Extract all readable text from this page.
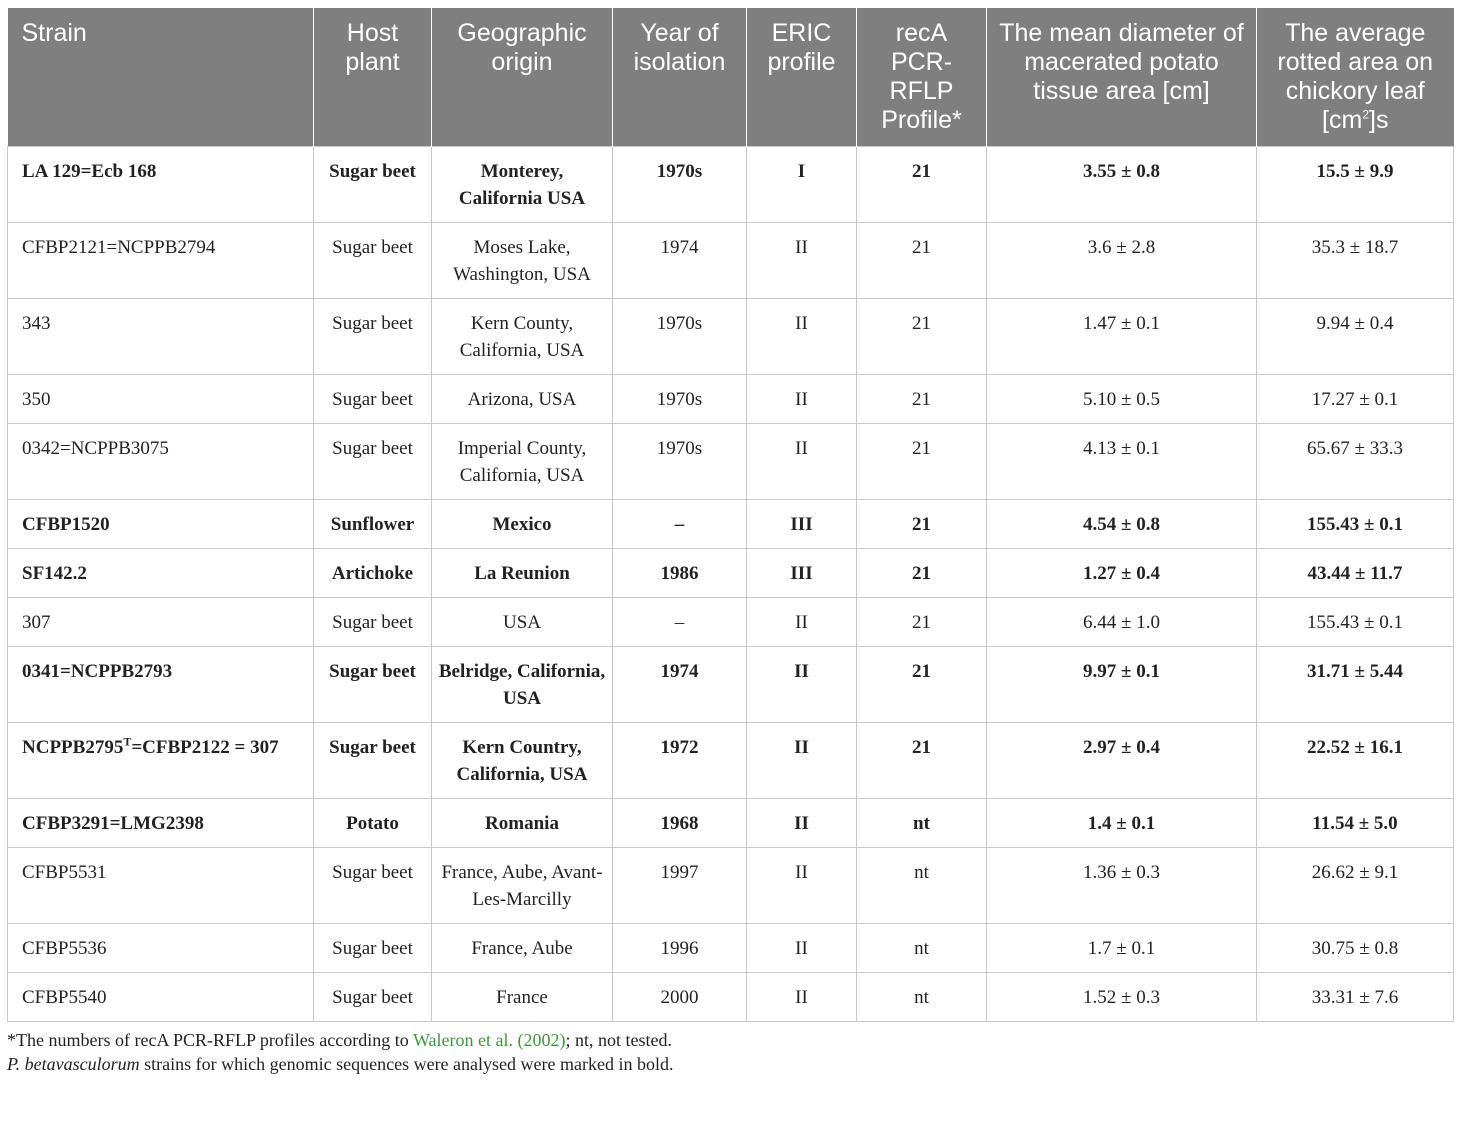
Strain	Host plant	Geographic origin	Year of isolation	ERIC profile	recA PCR-RFLP Profile*	The mean diameter of macerated potato tissue area [cm]	The average rotted area on chickory leaf $[cm^2]s$
LA 129=Ecb 168	Sugar beet	Monterey, California USA	1970s	I	21	3.55 ± 0.8	15.5 ± 9.9
CFBP2121=NCPPB2794	Sugar beet	Moses Lake, Washington, USA	1974	II	21	3.6 ± 2.8	35.3 ± 18.7
343	Sugar beet	Kern County, California, USA	1970s	II	21	1.47 ± 0.1	9.94 ± 0.4
350	Sugar beet	Arizona, USA	1970s	II	21	5.10 ± 0.5	17.27 ± 0.1
0342=NCPPB3075	Sugar beet	Imperial County, California, USA	1970s	II	21	4.13 ± 0.1	65.67 ± 33.3
CFBP1520	Sunflower	Mexico	–	III	21	4.54 ± 0.8	155.43 ± 0.1
SF142.2	Artichoke	La Reunion	1986	III	21	1.27 ± 0.4	43.44 ± 11.7
307	Sugar beet	USA	–	II	21	6.44 ± 1.0	155.43 ± 0.1
0341=NCPPB2793	Sugar beet	Belridge, California, USA	1974	II	21	9.97 ± 0.1	31.71 ± 5.44
$NCPPB2795^T=CFBP2122 = 307$	Sugar beet	Kern Country, California, USA	1972	II	21	2.97 ± 0.4	22.52 ± 16.1
CFBP3291=LMG2398	Potato	Romania	1968	II	nt	1.4 ± 0.1	11.54 ± 5.0
CFBP5531	Sugar beet	France, Aube, Avant-Les-Marcilly	1997	II	nt	1.36 ± 0.3	26.62 ± 9.1
CFBP5536	Sugar beet	France, Aube	1996	II	nt	1.7 ± 0.1	30.75 ± 0.8
CFBP5540	Sugar beet	France	2000	II	nt	1.52 ± 0.3	33.31 ± 7.6
*The numbers of recA PCR-RFLP profiles according to Waleron et al. (2002); nt, not tested.
P. betavasculorum strains for which genomic sequences were analysed were marked in bold.
